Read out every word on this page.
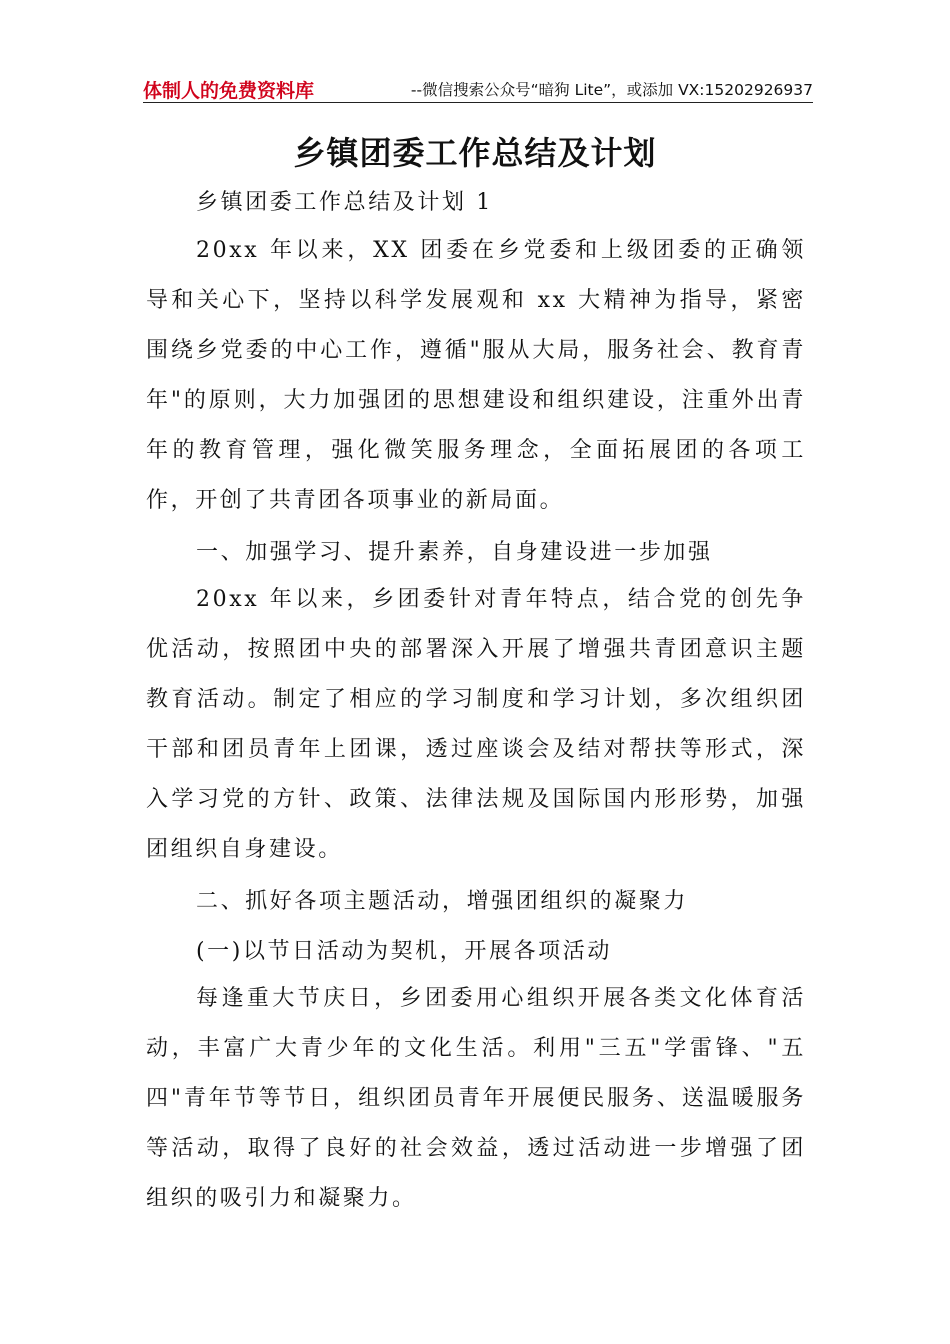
体制人的免费资料库	--微信搜索公众号“暗狗 Lite”，或添加 VX:15202926937
乡镇团委工作总结及计划
乡镇团委工作总结及计划 1

20xx 年以来，XX 团委在乡党委和上级团委的正确领导和关心下，坚持以科学发展观和 xx 大精神为指导，紧密围绕乡党委的中心工作，遵循"服从大局，服务社会、教育青年"的原则，大力加强团的思想建设和组织建设，注重外出青年的教育管理，强化微笑服务理念，全面拓展团的各项工作，开创了共青团各项事业的新局面。

一、加强学习、提升素养，自身建设进一步加强

20xx 年以来，乡团委针对青年特点，结合党的创先争优活动，按照团中央的部署深入开展了增强共青团意识主题教育活动。制定了相应的学习制度和学习计划，多次组织团干部和团员青年上团课，透过座谈会及结对帮扶等形式，深入学习党的方针、政策、法律法规及国际国内形形势，加强团组织自身建设。

二、抓好各项主题活动，增强团组织的凝聚力
(一)以节日活动为契机，开展各项活动

每逢重大节庆日，乡团委用心组织开展各类文化体育活动，丰富广大青少年的文化生活。利用"三五"学雷锋、"五四"青年节等节日，组织团员青年开展便民服务、送温暖服务等活动，取得了良好的社会效益，透过活动进一步增强了团组织的吸引力和凝聚力。
